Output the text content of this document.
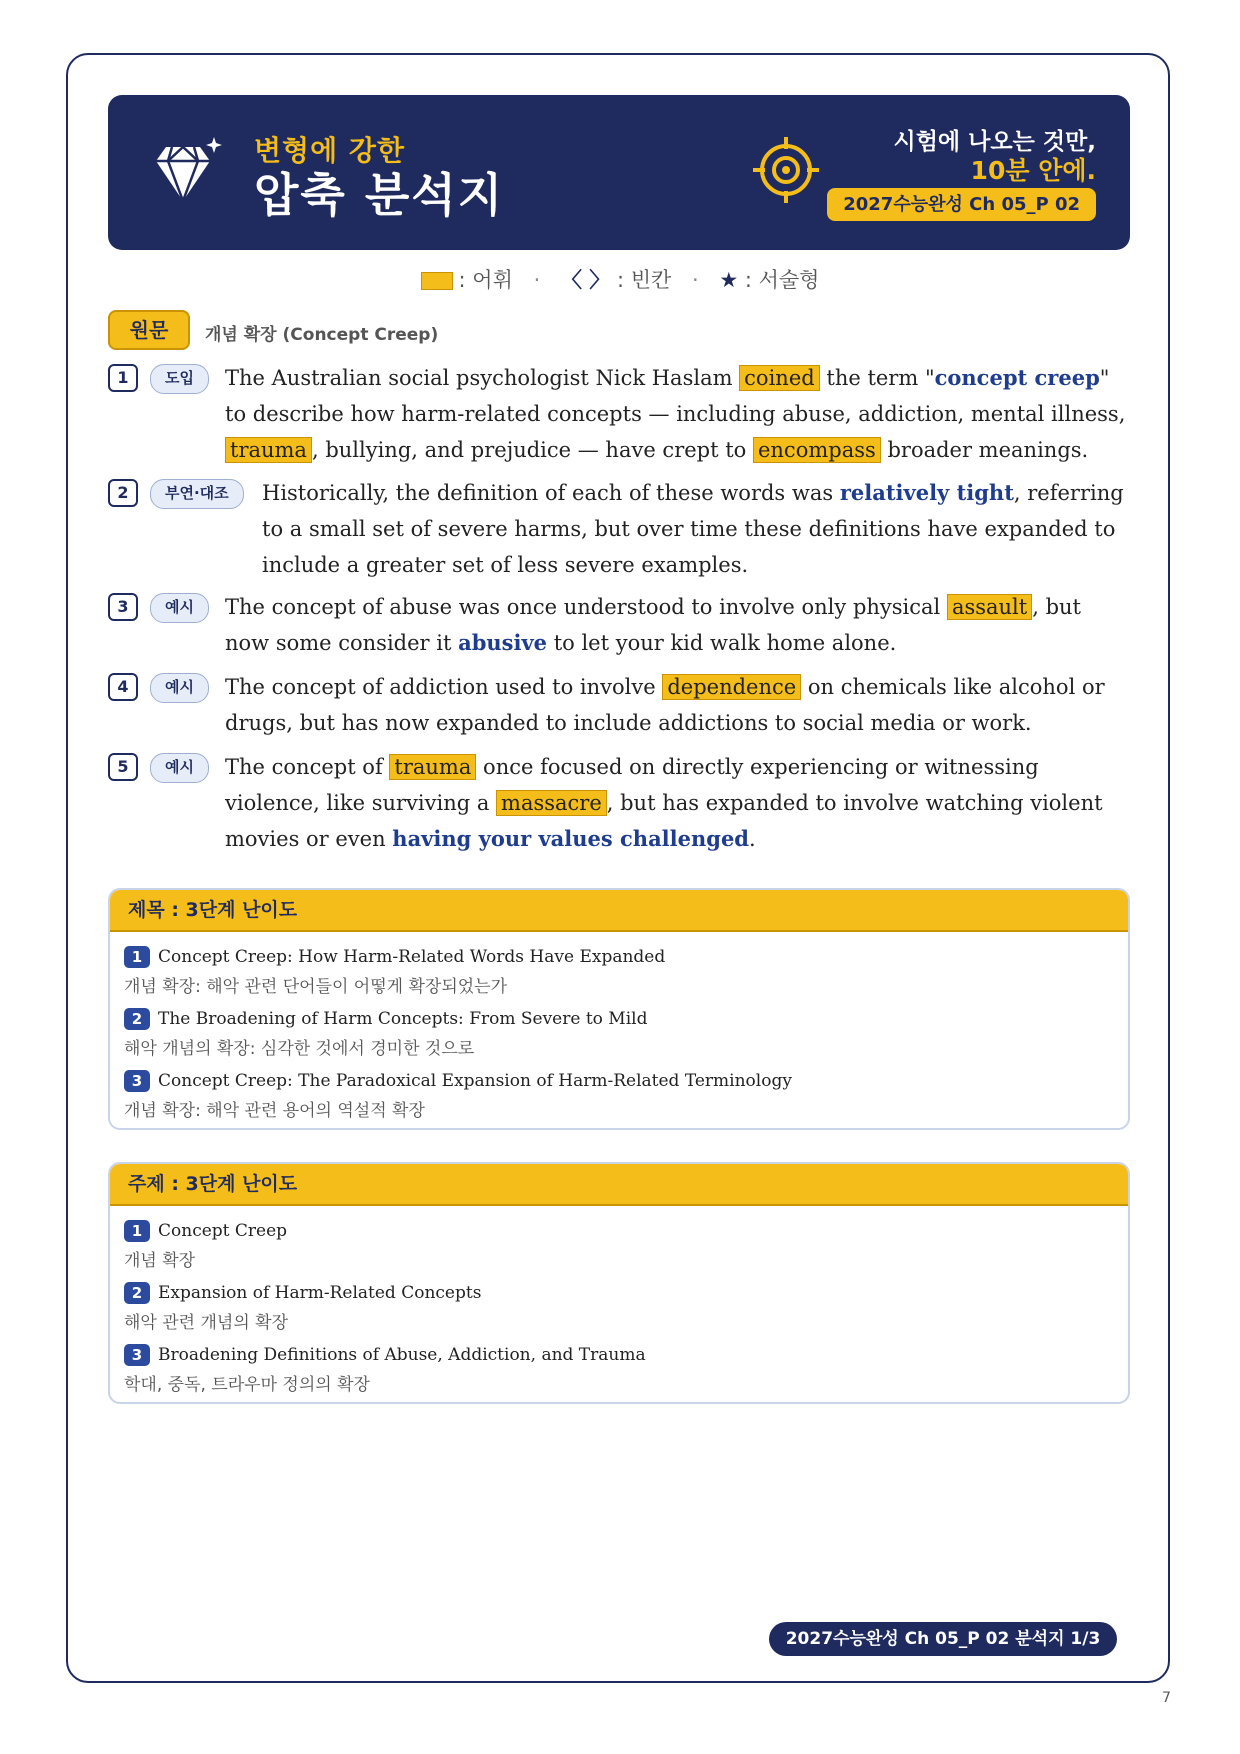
변형에 강한
압축 분석지
시험에 나오는 것만,
10분 안에.
2027수능완성 Ch 05_P 02
: 어휘 · 〈 〉 : 빈칸 · ★ : 서술형
원문	개념 확장 (Concept Creep)
1	도입	The Australian social psychologist Nick Haslam coined the term "concept creep" to describe how harm-related concepts — including abuse, addiction, mental illness, trauma , bullying, and prejudice — have crept to encompass broader meanings.
2	부연·대조	Historically, the definition of each of these words was relatively tight, referring to a small set of severe harms, but over time these definitions have expanded to include a greater set of less severe examples.
3	예시	The concept of abuse was once understood to involve only physical assault , but now some consider it abusive to let your kid walk home alone.
4	예시	The concept of addiction used to involve dependence on chemicals like alcohol or drugs, but has now expanded to include addictions to social media or work.
5	예시	The concept of trauma once focused on directly experiencing or witnessing violence, like surviving a massacre , but has expanded to involve watching violent movies or even having your values challenged.
제목 : 3단계 난이도
1 Concept Creep: How Harm-Related Words Have Expanded
개념 확장: 해악 관련 단어들이 어떻게 확장되었는가
2 The Broadening of Harm Concepts: From Severe to Mild
해악 개념의 확장: 심각한 것에서 경미한 것으로
3 Concept Creep: The Paradoxical Expansion of Harm-Related Terminology
개념 확장: 해악 관련 용어의 역설적 확장
주제 : 3단계 난이도
1 Concept Creep
개념 확장
2 Expansion of Harm-Related Concepts
해악 관련 개념의 확장
3 Broadening Definitions of Abuse, Addiction, and Trauma
학대, 중독, 트라우마 정의의 확장
2027수능완성 Ch 05_P 02 분석지 1/3
7
